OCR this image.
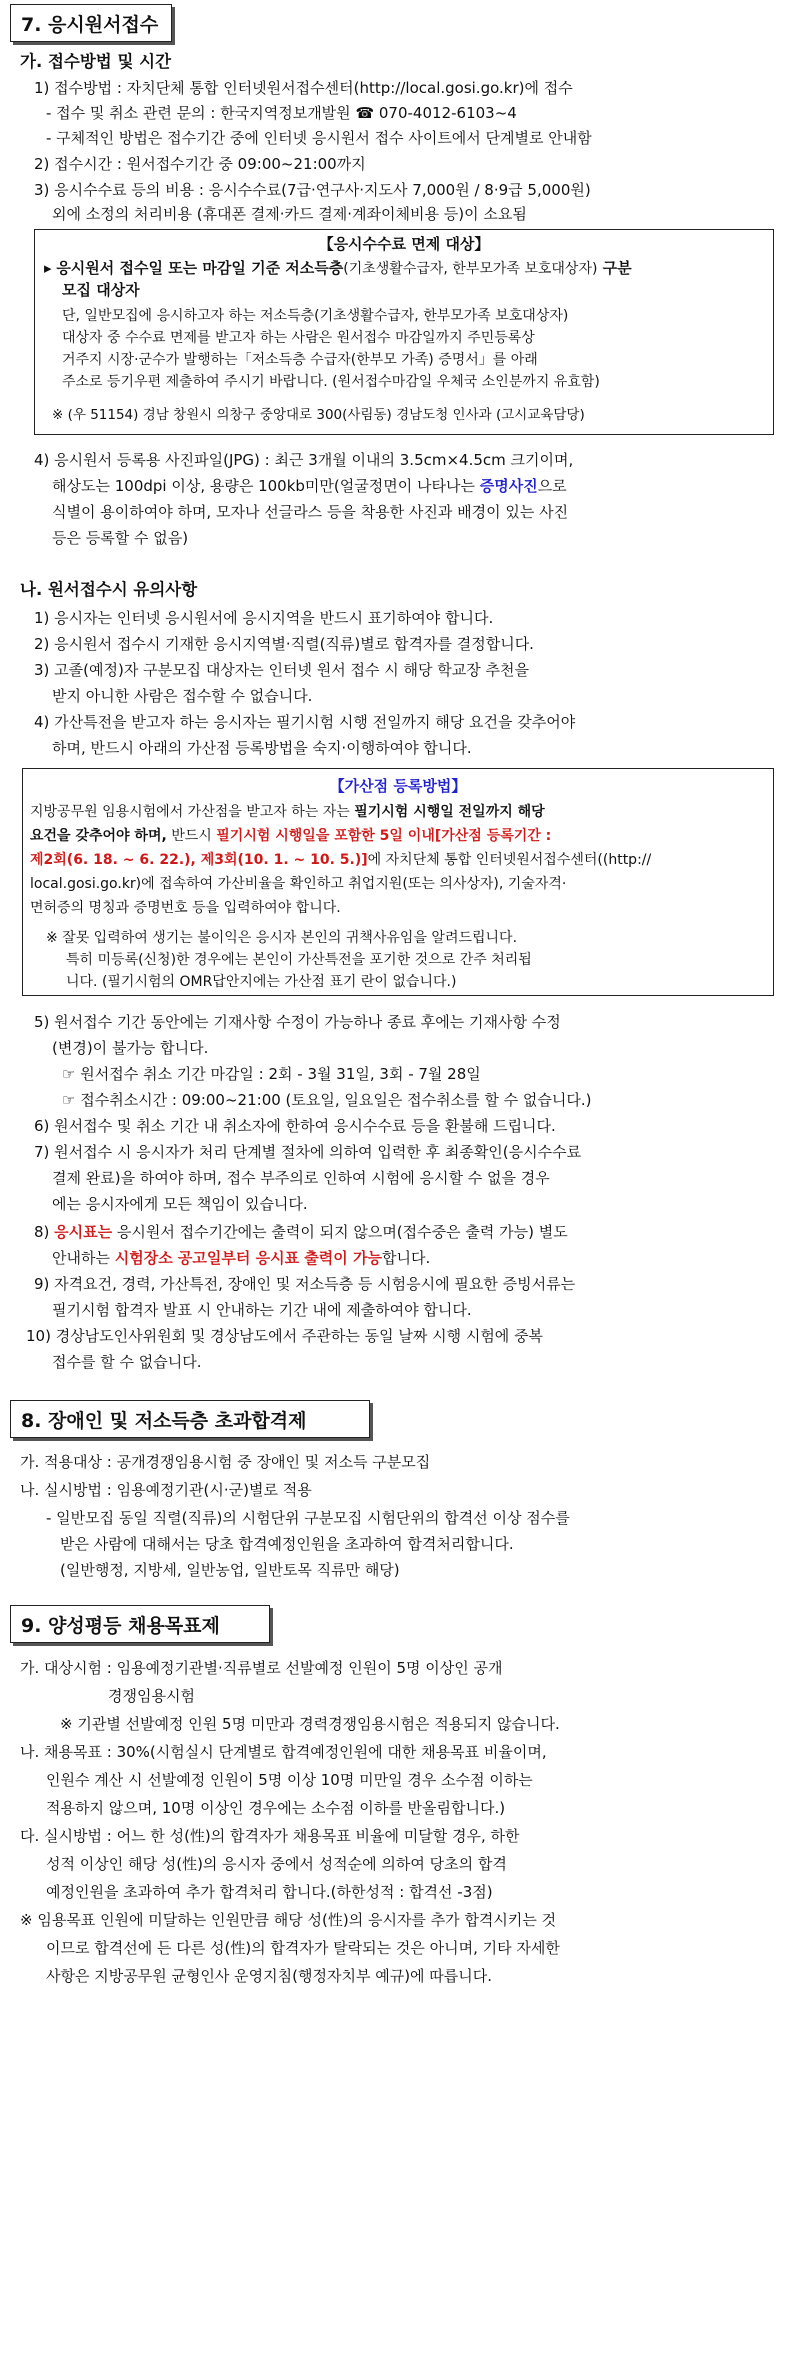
7. 응시원서접수
가. 접수방법 및 시간
1) 접수방법 : 자치단체 통합 인터넷원서접수센터(http://local.gosi.go.kr)에 접수
- 접수 및 취소 관련 문의 : 한국지역정보개발원 ☎ 070-4012-6103~4
- 구체적인 방법은 접수기간 중에 인터넷 응시원서 접수 사이트에서 단계별로 안내함
2) 접수시간 : 원서접수기간 중 09:00~21:00까지
3) 응시수수료 등의 비용 : 응시수수료(7급·연구사·지도사 7,000원 / 8·9급 5,000원)
외에 소정의 처리비용 (휴대폰 결제·카드 결제·계좌이체비용 등)이 소요됨
【응시수수료 면제 대상】
▸ 응시원서 접수일 또는 마감일 기준 저소득층(기초생활수급자, 한부모가족 보호대상자) 구분
모집 대상자
단, 일반모집에 응시하고자 하는 저소득층(기초생활수급자, 한부모가족 보호대상자)
대상자 중 수수료 면제를 받고자 하는 사람은 원서접수 마감일까지 주민등록상
거주지 시장·군수가 발행하는「저소득층 수급자(한부모 가족) 증명서」를 아래
주소로 등기우편 제출하여 주시기 바랍니다. (원서접수마감일 우체국 소인분까지 유효함)
※ (우 51154) 경남 창원시 의창구 중앙대로 300(사림동) 경남도청 인사과 (고시교육담당)
4) 응시원서 등록용 사진파일(JPG) : 최근 3개월 이내의 3.5cm×4.5cm 크기이며,
해상도는 100dpi 이상, 용량은 100kb미만(얼굴정면이 나타나는 증명사진으로
식별이 용이하여야 하며, 모자나 선글라스 등을 착용한 사진과 배경이 있는 사진
등은 등록할 수 없음)
나. 원서접수시 유의사항
1) 응시자는 인터넷 응시원서에 응시지역을 반드시 표기하여야 합니다.
2) 응시원서 접수시 기재한 응시지역별·직렬(직류)별로 합격자를 결정합니다.
3) 고졸(예정)자 구분모집 대상자는 인터넷 원서 접수 시 해당 학교장 추천을
받지 아니한 사람은 접수할 수 없습니다.
4) 가산특전을 받고자 하는 응시자는 필기시험 시행 전일까지 해당 요건을 갖추어야
하며, 반드시 아래의 가산점 등록방법을 숙지·이행하여야 합니다.
【가산점 등록방법】
지방공무원 임용시험에서 가산점을 받고자 하는 자는 필기시험 시행일 전일까지 해당
요건을 갖추어야 하며, 반드시 필기시험 시행일을 포함한 5일 이내[가산점 등록기간 :
제2회(6. 18. ~ 6. 22.), 제3회(10. 1. ~ 10. 5.)]에 자치단체 통합 인터넷원서접수센터((http://
local.gosi.go.kr)에 접속하여 가산비율을 확인하고 취업지원(또는 의사상자), 기술자격·
면허증의 명칭과 증명번호 등을 입력하여야 합니다.
※ 잘못 입력하여 생기는 불이익은 응시자 본인의 귀책사유임을 알려드립니다.
특히 미등록(신청)한 경우에는 본인이 가산특전을 포기한 것으로 간주 처리됩
니다. (필기시험의 OMR답안지에는 가산점 표기 란이 없습니다.)
5) 원서접수 기간 동안에는 기재사항 수정이 가능하나 종료 후에는 기재사항 수정
(변경)이 불가능 합니다.
☞ 원서접수 취소 기간 마감일 : 2회 - 3월 31일, 3회 - 7월 28일
☞ 접수취소시간 : 09:00~21:00 (토요일, 일요일은 접수취소를 할 수 없습니다.)
6) 원서접수 및 취소 기간 내 취소자에 한하여 응시수수료 등을 환불해 드립니다.
7) 원서접수 시 응시자가 처리 단계별 절차에 의하여 입력한 후 최종확인(응시수수료
결제 완료)을 하여야 하며, 접수 부주의로 인하여 시험에 응시할 수 없을 경우
에는 응시자에게 모든 책임이 있습니다.
8) 응시표는 응시원서 접수기간에는 출력이 되지 않으며(접수중은 출력 가능) 별도
안내하는 시험장소 공고일부터 응시표 출력이 가능합니다.
9) 자격요건, 경력, 가산특전, 장애인 및 저소득층 등 시험응시에 필요한 증빙서류는
필기시험 합격자 발표 시 안내하는 기간 내에 제출하여야 합니다.
10) 경상남도인사위원회 및 경상남도에서 주관하는 동일 날짜 시행 시험에 중복
접수를 할 수 없습니다.
8. 장애인 및 저소득층 초과합격제
가. 적용대상 : 공개경쟁임용시험 중 장애인 및 저소득 구분모집
나. 실시방법 : 임용예정기관(시·군)별로 적용
- 일반모집 동일 직렬(직류)의 시험단위 구분모집 시험단위의 합격선 이상 점수를
받은 사람에 대해서는 당초 합격예정인원을 초과하여 합격처리합니다.
(일반행정, 지방세, 일반농업, 일반토목 직류만 해당)
9. 양성평등 채용목표제
가. 대상시험 : 임용예정기관별·직류별로 선발예정 인원이 5명 이상인 공개
경쟁임용시험
※ 기관별 선발예정 인원 5명 미만과 경력경쟁임용시험은 적용되지 않습니다.
나. 채용목표 : 30%(시험실시 단계별로 합격예정인원에 대한 채용목표 비율이며,
인원수 계산 시 선발예정 인원이 5명 이상 10명 미만일 경우 소수점 이하는
적용하지 않으며, 10명 이상인 경우에는 소수점 이하를 반올림합니다.)
다. 실시방법 : 어느 한 성(性)의 합격자가 채용목표 비율에 미달할 경우, 하한
성적 이상인 해당 성(性)의 응시자 중에서 성적순에 의하여 당초의 합격
예정인원을 초과하여 추가 합격처리 합니다.(하한성적 : 합격선 -3점)
※ 임용목표 인원에 미달하는 인원만큼 해당 성(性)의 응시자를 추가 합격시키는 것
이므로 합격선에 든 다른 성(性)의 합격자가 탈락되는 것은 아니며, 기타 자세한
사항은 지방공무원 균형인사 운영지침(행정자치부 예규)에 따릅니다.
